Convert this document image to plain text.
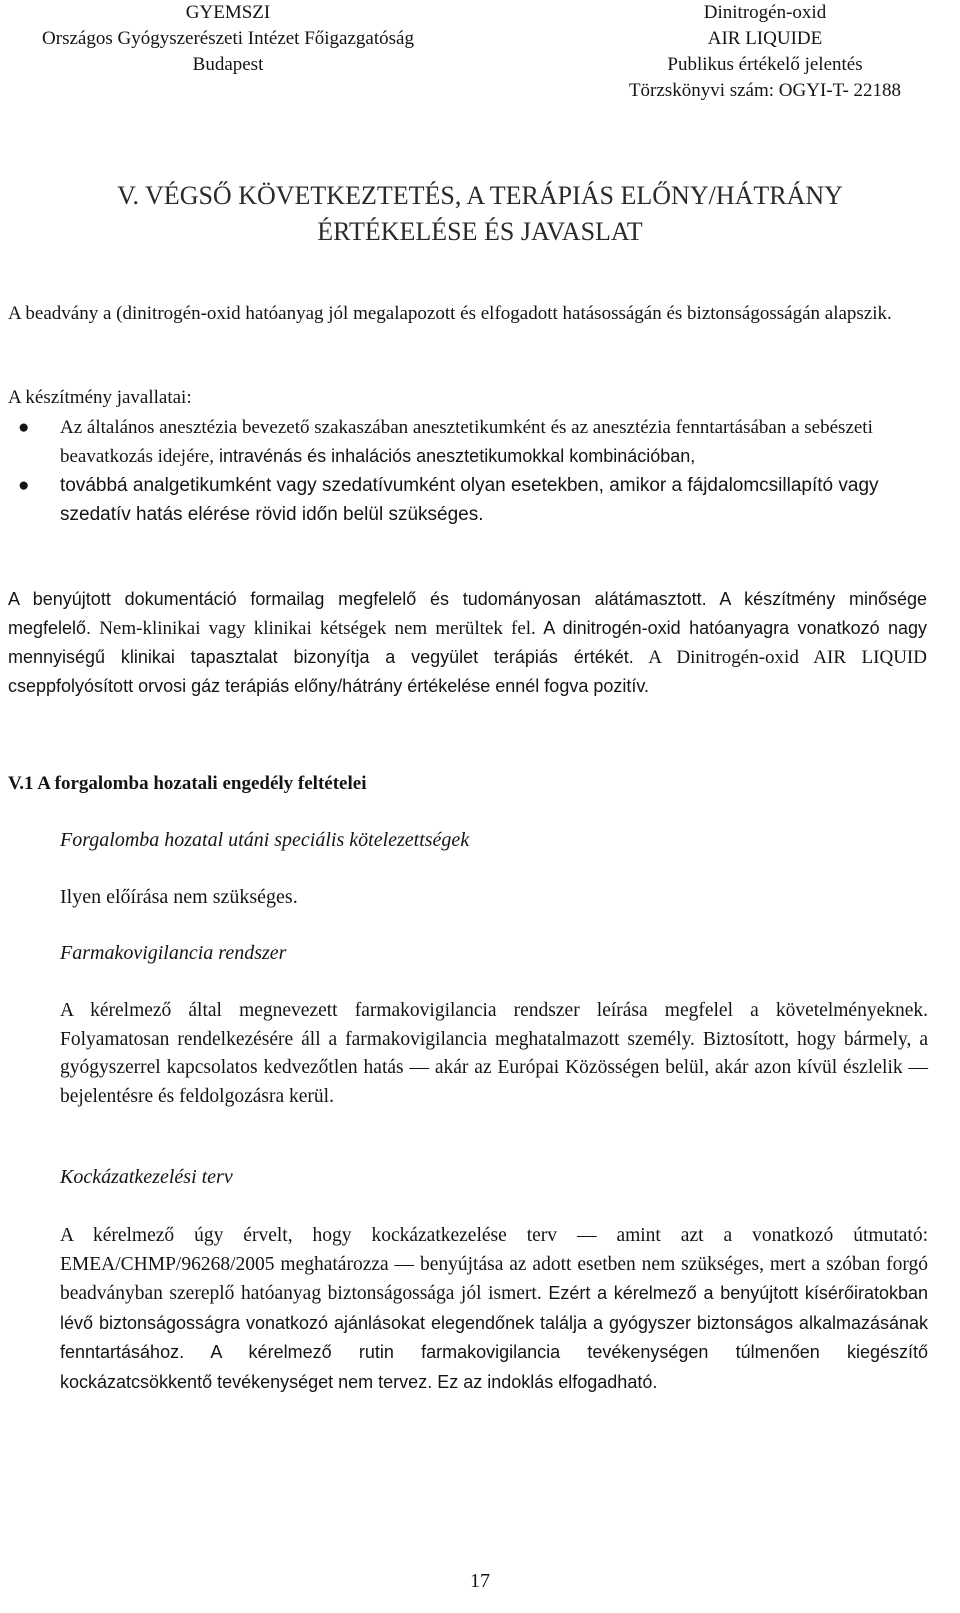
GYEMSZI
Országos Gyógyszerészeti Intézet Főigazgatóság
Budapest
Dinitrogén-oxid
AIR LIQUIDE
Publikus értékelő jelentés
Törzskönyvi szám: OGYI-T- 22188
V. VÉGSŐ KÖVETKEZTETÉS, A TERÁPIÁS ELŐNY/HÁTRÁNY
ÉRTÉKELÉSE ÉS JAVASLAT

A beadvány a (dinitrogén-oxid hatóanyag jól megalapozott és elfogadott hatásosságán és biztonságosságán alapszik.

A készítmény javallatai:

● Az általános anesztézia bevezető szakaszában anesztetikumként és az anesztézia fenntartásában a sebészeti beavatkozás idejére, intravénás és inhalációs anesztetikumokkal kombinációban,

● továbbá analgetikumként vagy szedatívumként olyan esetekben, amikor a fájdalomcsillapító vagy szedatív hatás elérése rövid időn belül szükséges.

A benyújtott dokumentáció formailag megfelelő és tudományosan alátámasztott. A készítmény minősége megfelelő. Nem-klinikai vagy klinikai kétségek nem merültek fel. A dinitrogén-oxid hatóanyagra vonatkozó nagy mennyiségű klinikai tapasztalat bizonyítja a vegyület terápiás értékét. A Dinitrogén-oxid AIR LIQUID cseppfolyósított orvosi gáz terápiás előny/hátrány értékelése ennél fogva pozitív.

V.1 A forgalomba hozatali engedély feltételei
Forgalomba hozatal utáni speciális kötelezettségek
Ilyen előírása nem szükséges.
Farmakovigilancia rendszer

A kérelmező által megnevezett farmakovigilancia rendszer leírása megfelel a követelményeknek. Folyamatosan rendelkezésére áll a farmakovigilancia meghatalmazott személy. Biztosított, hogy bármely, a gyógyszerrel kapcsolatos kedvezőtlen hatás — akár az Európai Közösségen belül, akár azon kívül észlelik — bejelentésre és feldolgozásra kerül.

Kockázatkezelési terv

A kérelmező úgy érvelt, hogy kockázatkezelése terv — amint azt a vonatkozó útmutató: EMEA/CHMP/96268/2005 meghatározza — benyújtása az adott esetben nem szükséges, mert a szóban forgó beadványban szereplő hatóanyag biztonságossága jól ismert. Ezért a kérelmező a benyújtott kísérőiratokban lévő biztonságosságra vonatkozó ajánlásokat elegendőnek találja a gyógyszer biztonságos alkalmazásának fenntartásához. A kérelmező rutin farmakovigilancia tevékenységen túlmenően kiegészítő kockázatcsökkentő tevékenységet nem tervez. Ez az indoklás elfogadható.

17
